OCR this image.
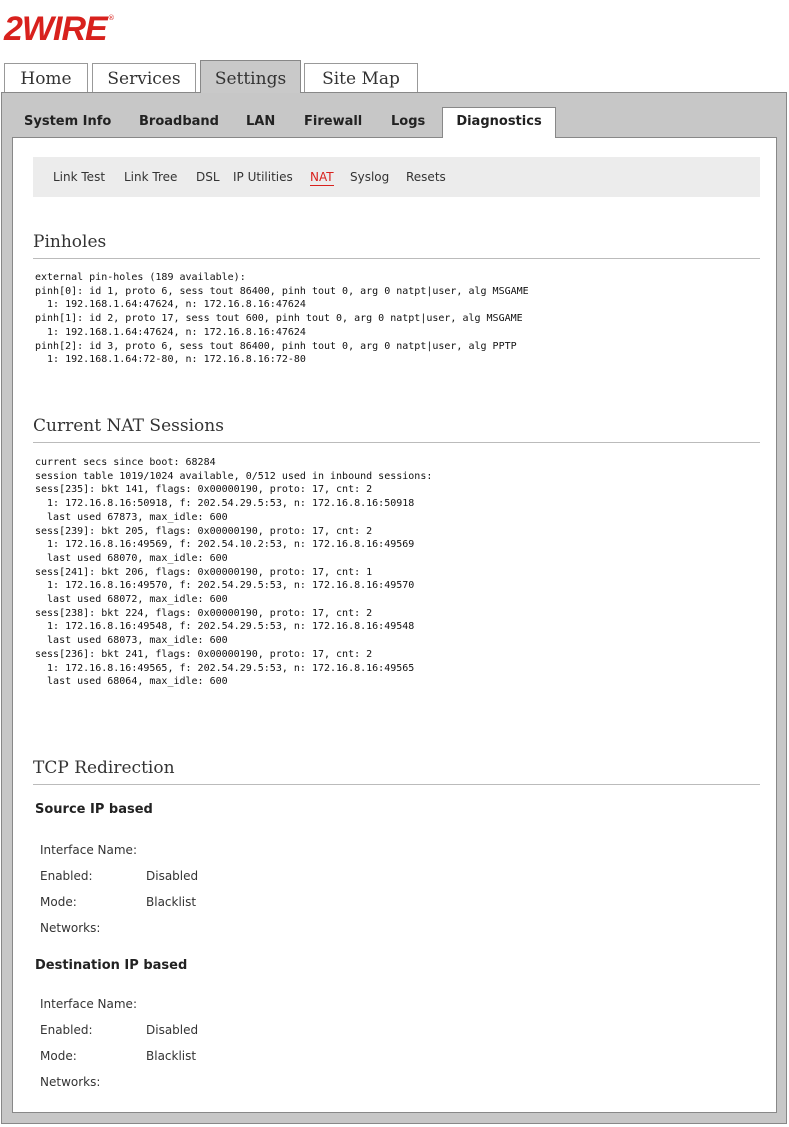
2WIRE®
Home	Services	Settings	Site Map
System Info Broadband LAN Firewall Logs	Diagnostics
Link Test Link Tree DSL IP Utilities NAT Syslog Resets
Pinholes
external pin-holes (189 available):
pinh[0]: id 1, proto 6, sess tout 86400, pinh tout 0, arg 0 natpt|user, alg MSGAME
1: 192.168.1.64:47624, n: 172.16.8.16:47624
pinh[1]: id 2, proto 17, sess tout 600, pinh tout 0, arg 0 natpt|user, alg MSGAME
1: 192.168.1.64:47624, n: 172.16.8.16:47624
pinh[2]: id 3, proto 6, sess tout 86400, pinh tout 0, arg 0 natpt|user, alg PPTP
1: 192.168.1.64:72-80, n: 172.16.8.16:72-80
Current NAT Sessions
current secs since boot: 68284
session table 1019/1024 available, 0/512 used in inbound sessions:
sess[235]: bkt 141, flags: 0x00000190, proto: 17, cnt: 2
1: 172.16.8.16:50918, f: 202.54.29.5:53, n: 172.16.8.16:50918
last used 67873, max_idle: 600
sess[239]: bkt 205, flags: 0x00000190, proto: 17, cnt: 2
1: 172.16.8.16:49569, f: 202.54.10.2:53, n: 172.16.8.16:49569
last used 68070, max_idle: 600
sess[241]: bkt 206, flags: 0x00000190, proto: 17, cnt: 1
1: 172.16.8.16:49570, f: 202.54.29.5:53, n: 172.16.8.16:49570
last used 68072, max_idle: 600
sess[238]: bkt 224, flags: 0x00000190, proto: 17, cnt: 2
1: 172.16.8.16:49548, f: 202.54.29.5:53, n: 172.16.8.16:49548
last used 68073, max_idle: 600
sess[236]: bkt 241, flags: 0x00000190, proto: 17, cnt: 2
1: 172.16.8.16:49565, f: 202.54.29.5:53, n: 172.16.8.16:49565
last used 68064, max_idle: 600
TCP Redirection
Source IP based
Interface Name:
Enabled:	Disabled
Mode:	Blacklist
Networks:
Destination IP based
Interface Name:
Enabled:	Disabled
Mode:	Blacklist
Networks:
